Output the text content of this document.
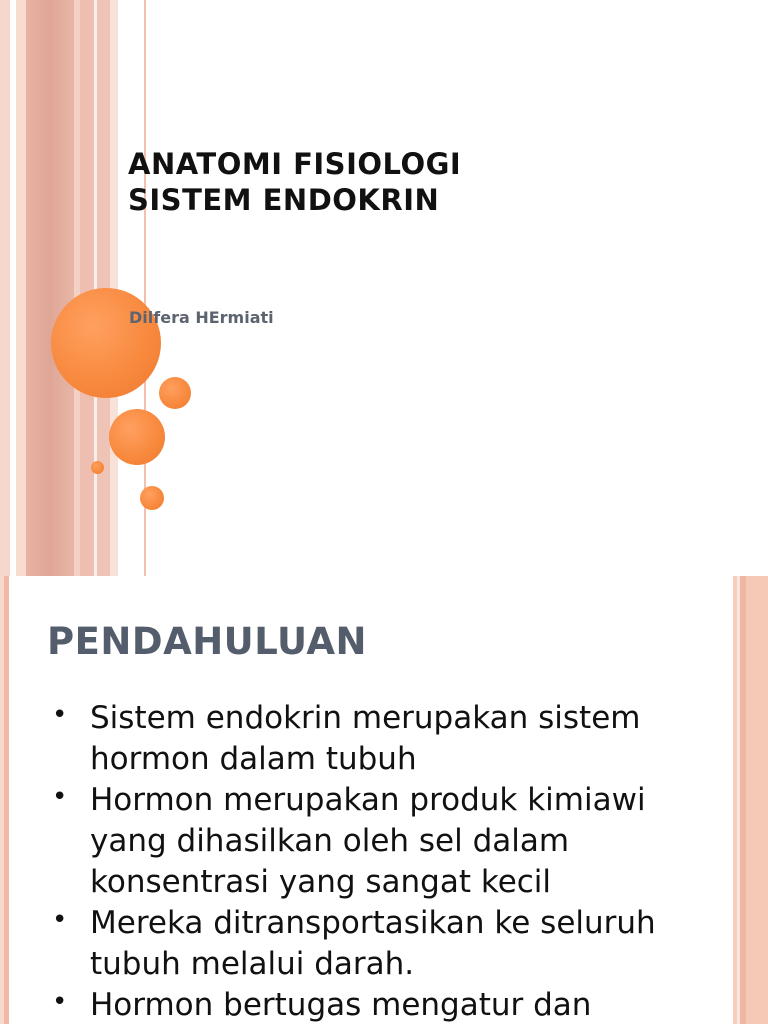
ANATOMI FISIOLOGI
SISTEM ENDOKRIN

Dilfera HErmiati

PENDAHULUAN
• Sistem endokrin merupakan sistem hormon dalam tubuh
• Hormon merupakan produk kimiawi yang dihasilkan oleh sel dalam konsentrasi yang sangat kecil
• Mereka ditransportasikan ke seluruh tubuh melalui darah.
• Hormon bertugas mengatur dan
